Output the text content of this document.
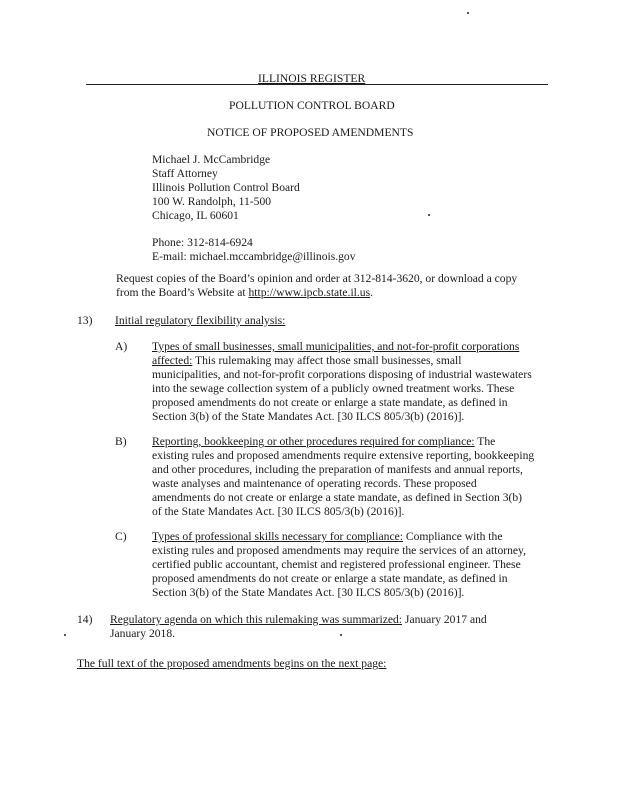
ILLINOIS REGISTER
POLLUTION CONTROL BOARD
NOTICE OF PROPOSED AMENDMENTS
Michael J. McCambridge
Staff Attorney
Illinois Pollution Control Board
100 W. Randolph, 11-500
Chicago, IL 60601
Phone: 312-814-6924
E-mail: michael.mccambridge@illinois.gov
Request copies of the Board’s opinion and order at 312-814-3620, or download a copy
from the Board’s Website at http://www.ipcb.state.il.us.
13) Initial regulatory flexibility analysis:
A) Types of small businesses, small municipalities, and not-for-profit corporations
affected: This rulemaking may affect those small businesses, small
municipalities, and not-for-profit corporations disposing of industrial wastewaters
into the sewage collection system of a publicly owned treatment works. These
proposed amendments do not create or enlarge a state mandate, as defined in
Section 3(b) of the State Mandates Act. [30 ILCS 805/3(b) (2016)].
B) Reporting, bookkeeping or other procedures required for compliance: The
existing rules and proposed amendments require extensive reporting, bookkeeping
and other procedures, including the preparation of manifests and annual reports,
waste analyses and maintenance of operating records. These proposed
amendments do not create or enlarge a state mandate, as defined in Section 3(b)
of the State Mandates Act. [30 ILCS 805/3(b) (2016)].
C) Types of professional skills necessary for compliance: Compliance with the
existing rules and proposed amendments may require the services of an attorney,
certified public accountant, chemist and registered professional engineer. These
proposed amendments do not create or enlarge a state mandate, as defined in
Section 3(b) of the State Mandates Act. [30 ILCS 805/3(b) (2016)].
14) Regulatory agenda on which this rulemaking was summarized: January 2017 and
January 2018.
The full text of the proposed amendments begins on the next page:
